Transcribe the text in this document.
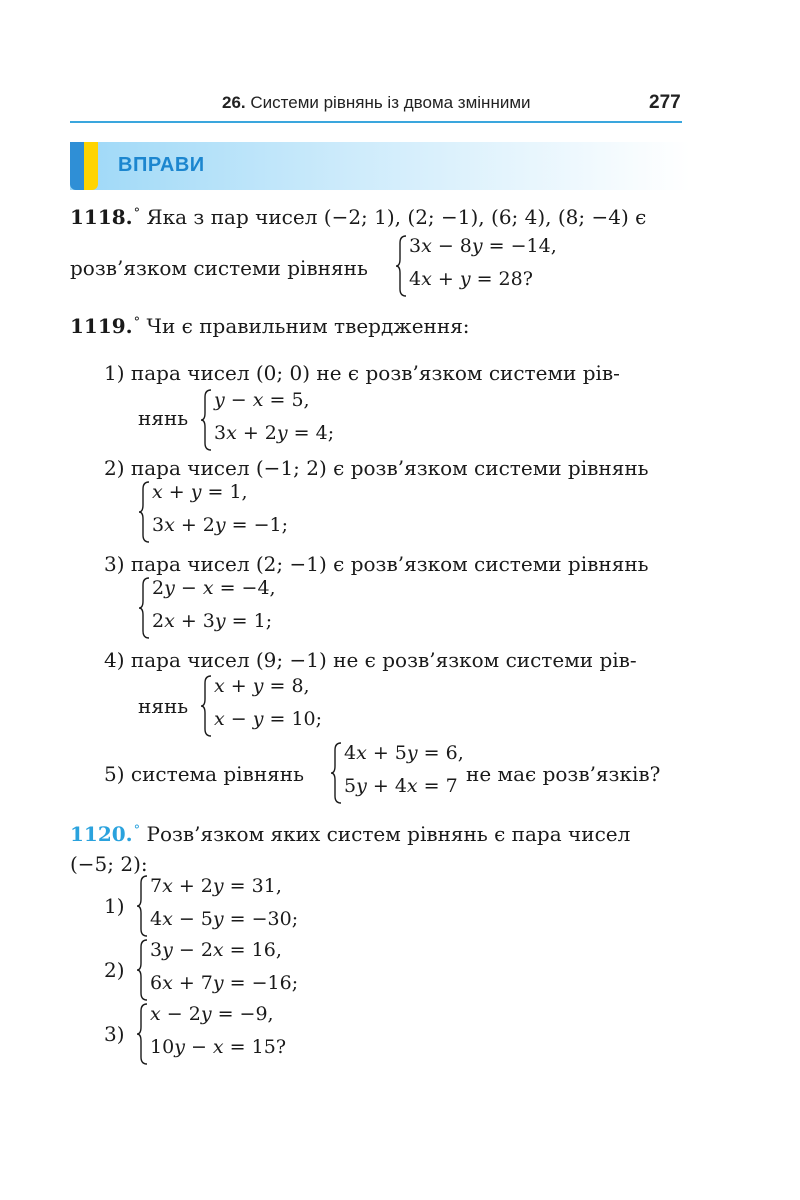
26. Системи рівнянь із двома змінними	277
ВПРАВИ
1118.° Яка з пар чисел (−2; 1), (2; −1), (6; 4), (8; −4) є
розв’язком системи рівнянь
3x − 8y = −14,
4x + y = 28?
1119.° Чи є правильним твердження:
1) пара чисел (0; 0) не є розв’язком системи рів-
нянь
y − x = 5,
3x + 2y = 4;
2) пара чисел (−1; 2) є розв’язком системи рівнянь
x + y = 1,
3x + 2y = −1;
3) пара чисел (2; −1) є розв’язком системи рівнянь
2y − x = −4,
2x + 3y = 1;
4) пара чисел (9; −1) не є розв’язком системи рів-
нянь
x + y = 8,
x − y = 10;
5) система рівнянь
4x + 5y = 6,
5y + 4x = 7 не має розв’язків?
1120.° Розв’язком яких систем рівнянь є пара чисел
(−5; 2):
1)
7x + 2y = 31,
4x − 5y = −30;
2)
3y − 2x = 16,
6x + 7y = −16;
3)
x − 2y = −9,
10y − x = 15?
